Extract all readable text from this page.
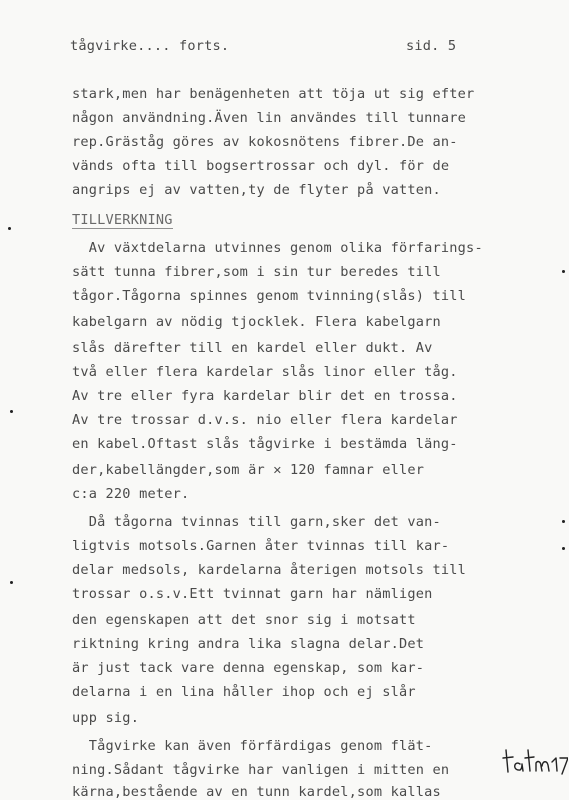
tågvirke.... forts.	sid. 5
stark,men har benägenheten att töja ut sig efter
någon användning.Även lin användes till tunnare
rep.Gräståg göres av kokosnötens fibrer.De an-
vänds ofta till bogsertrossar och dyl. för de
angrips ej av vatten,ty de flyter på vatten.
TILLVERKNING
Av växtdelarna utvinnes genom olika förfarings-
sätt tunna fibrer,som i sin tur beredes till
tågor.Tågorna spinnes genom tvinning(slås) till
kabelgarn av nödig tjocklek. Flera kabelgarn
slås därefter till en kardel eller dukt. Av
två eller flera kardelar slås linor eller tåg.
Av tre eller fyra kardelar blir det en trossa.
Av tre trossar d.v.s. nio eller flera kardelar
en kabel.Oftast slås tågvirke i bestämda läng-
der,kabellängder,som är ✕ 120 famnar eller
c:a 220 meter.
Då tågorna tvinnas till garn,sker det van-
ligtvis motsols.Garnen åter tvinnas till kar-
delar medsols, kardelarna återigen motsols till
trossar o.s.v.Ett tvinnat garn har nämligen
den egenskapen att det snor sig i motsatt
riktning kring andra lika slagna delar.Det
är just tack vare denna egenskap, som kar-
delarna i en lina håller ihop och ej slår
upp sig.
Tågvirke kan även förfärdigas genom flät-
ning.Sådant tågvirke har vanligen i mitten en
kärna,bestående av en tunn kardel,som kallas
